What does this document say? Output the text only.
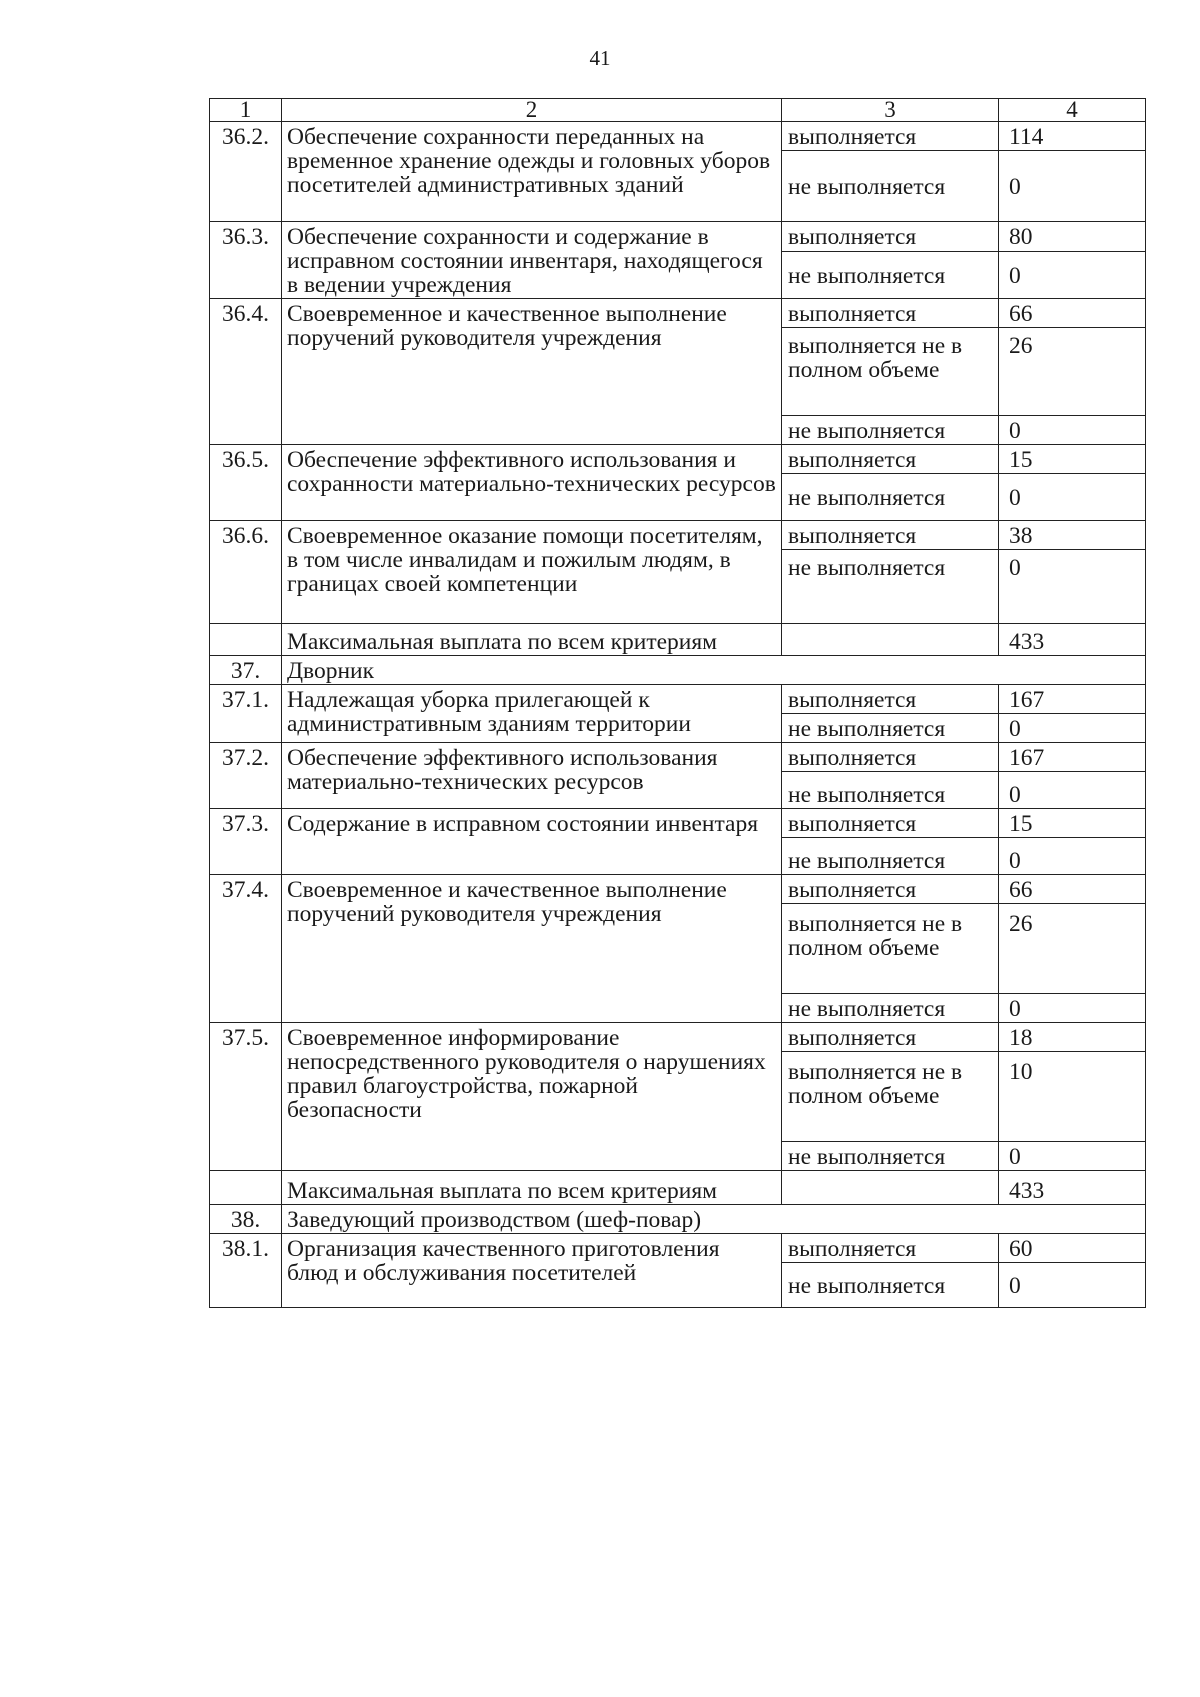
41
1	2	3	4
36.2.	Обеспечение сохранности переданных на временное хранение одежды и головных уборов посетителей административных зданий	выполняется	114
		не выполняется	0
36.3.	Обеспечение сохранности и содержание в исправном состоянии инвентаря, находящегося в ведении учреждения	выполняется	80
		не выполняется	0
36.4.	Своевременное и качественное выполнение поручений руководителя учреждения	выполняется	66
		выполняется не в полном объеме	26
		не выполняется	0
36.5.	Обеспечение эффективного использования и сохранности материально-технических ресурсов	выполняется	15
		не выполняется	0
36.6.	Своевременное оказание помощи посетителям, в том числе инвалидам и пожилым людям, в границах своей компетенции	выполняется	38
		не выполняется	0
	Максимальная выплата по всем критериям		433
37.	Дворник		
37.1.	Надлежащая уборка прилегающей к административным зданиям территории	выполняется	167
		не выполняется	0
37.2.	Обеспечение эффективного использования материально-технических ресурсов	выполняется	167
		не выполняется	0
37.3.	Содержание в исправном состоянии инвентаря	выполняется	15
		не выполняется	0
37.4.	Своевременное и качественное выполнение поручений руководителя учреждения	выполняется	66
		выполняется не в полном объеме	26
		не выполняется	0
37.5.	Своевременное информирование непосредственного руководителя о нарушениях правил благоустройства, пожарной безопасности	выполняется	18
		выполняется не в полном объеме	10
		не выполняется	0
	Максимальная выплата по всем критериям		433
38.	Заведующий производством (шеф-повар)		
38.1.	Организация качественного приготовления блюд и обслуживания посетителей	выполняется	60
		не выполняется	0
